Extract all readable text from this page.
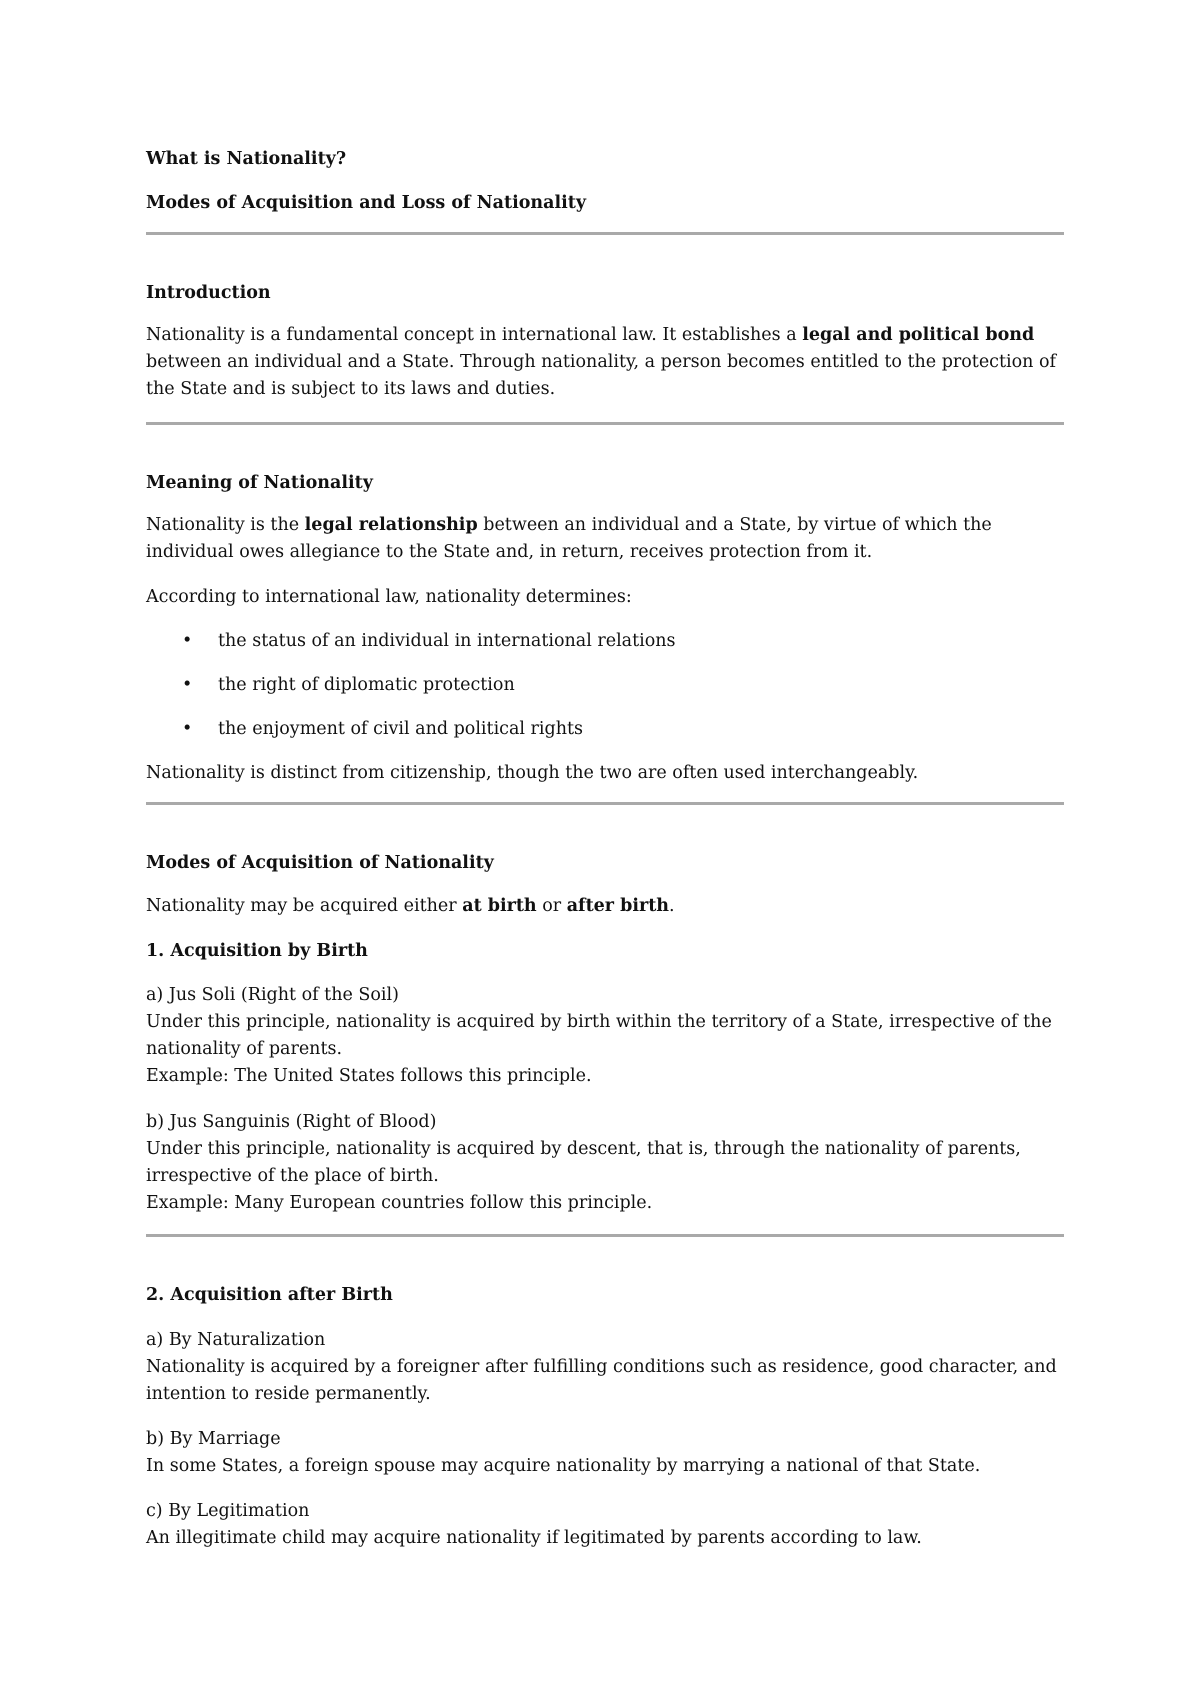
What is Nationality?

Modes of Acquisition and Loss of Nationality

Introduction

Nationality is a fundamental concept in international law. It establishes a legal and political bond between an individual and a State. Through nationality, a person becomes entitled to the protection of the State and is subject to its laws and duties.

Meaning of Nationality

Nationality is the legal relationship between an individual and a State, by virtue of which the individual owes allegiance to the State and, in return, receives protection from it.

According to international law, nationality determines:

• the status of an individual in international relations
• the right of diplomatic protection
• the enjoyment of civil and political rights

Nationality is distinct from citizenship, though the two are often used interchangeably.

Modes of Acquisition of Nationality

Nationality may be acquired either at birth or after birth.

1. Acquisition by Birth

a) Jus Soli (Right of the Soil)

Under this principle, nationality is acquired by birth within the territory of a State, irrespective of the nationality of parents.

Example: The United States follows this principle.

b) Jus Sanguinis (Right of Blood)

Under this principle, nationality is acquired by descent, that is, through the nationality of parents, irrespective of the place of birth.

Example: Many European countries follow this principle.

2. Acquisition after Birth

a) By Naturalization

Nationality is acquired by a foreigner after fulfilling conditions such as residence, good character, and intention to reside permanently.

b) By Marriage

In some States, a foreign spouse may acquire nationality by marrying a national of that State.

c) By Legitimation

An illegitimate child may acquire nationality if legitimated by parents according to law.
